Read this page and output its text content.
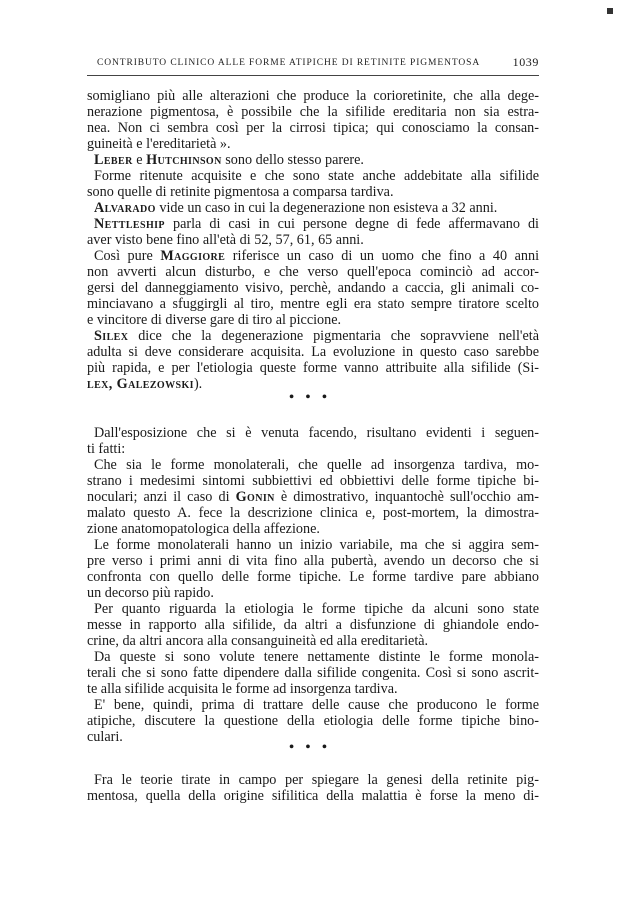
CONTRIBUTO CLINICO ALLE FORME ATIPICHE DI RETINITE PIGMENTOSA	1039
somigliano più alle alterazioni che produce la corioretinite, che alla dege-
nerazione pigmentosa, è possibile che la sifilide ereditaria non sia estra-
nea. Non ci sembra così per la cirrosi tipica; qui conosciamo la consan-
guineità e l'ereditarietà ».
Leber e Hutchinson sono dello stesso parere.
Forme ritenute acquisite e che sono state anche addebitate alla sifilide
sono quelle di retinite pigmentosa a comparsa tardiva.
Alvarado vide un caso in cui la degenerazione non esisteva a 32 anni.
Nettleship parla di casi in cui persone degne di fede affermavano di
aver visto bene fino all'età di 52, 57, 61, 65 anni.
Così pure Maggiore riferisce un caso di un uomo che fino a 40 anni
non avverti alcun disturbo, e che verso quell'epoca cominciò ad accor-
gersi del danneggiamento visivo, perchè, andando a caccia, gli animali co-
minciavano a sfuggirgli al tiro, mentre egli era stato sempre tiratore scelto
e vincitore di diverse gare di tiro al piccione.
Silex dice che la degenerazione pigmentaria che sopravviene nell'età
adulta si deve considerare acquisita. La evoluzione in questo caso sarebbe
più rapida, e per l'etiologia queste forme vanno attribuite alla sifilide (Si-
lex, Galezowski).
• • •
Dall'esposizione che si è venuta facendo, risultano evidenti i seguen-
ti fatti:
Che sia le forme monolaterali, che quelle ad insorgenza tardiva, mo-
strano i medesimi sintomi subbiettivi ed obbiettivi delle forme tipiche bi-
noculari; anzi il caso di Gonin è dimostrativo, inquantochè sull'occhio am-
malato questo A. fece la descrizione clinica e, post-mortem, la dimostra-
zione anatomopatologica della affezione.
Le forme monolaterali hanno un inizio variabile, ma che si aggira sem-
pre verso i primi anni di vita fino alla pubertà, avendo un decorso che si
confronta con quello delle forme tipiche. Le forme tardive pare abbiano
un decorso più rapido.
Per quanto riguarda la etiologia le forme tipiche da alcuni sono state
messe in rapporto alla sifilide, da altri a disfunzione di ghiandole endo-
crine, da altri ancora alla consanguineità ed alla ereditarietà.
Da queste si sono volute tenere nettamente distinte le forme monola-
terali che si sono fatte dipendere dalla sifilide congenita. Così si sono ascrit-
te alla sifilide acquisita le forme ad insorgenza tardiva.
E' bene, quindi, prima di trattare delle cause che producono le forme
atipiche, discutere la questione della etiologia delle forme tipiche bino-
culari.
• • •
Fra le teorie tirate in campo per spiegare la genesi della retinite pig-
mentosa, quella della origine sifilitica della malattia è forse la meno di-
